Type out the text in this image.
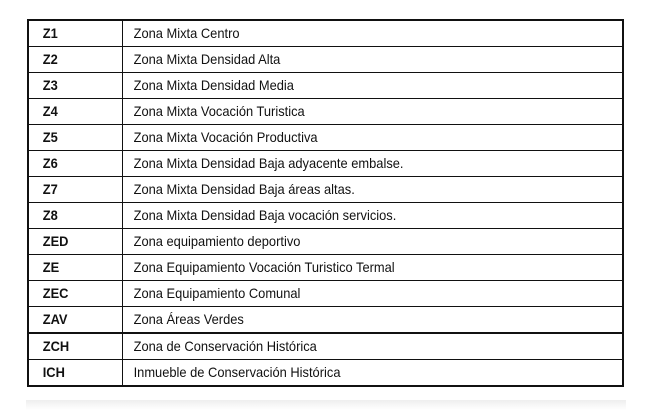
Z1	Zona Mixta Centro
Z2	Zona Mixta Densidad Alta
Z3	Zona Mixta Densidad Media
Z4	Zona Mixta Vocación Turistica
Z5	Zona Mixta Vocación Productiva
Z6	Zona Mixta Densidad Baja adyacente embalse.
Z7	Zona Mixta Densidad Baja áreas altas.
Z8	Zona Mixta Densidad Baja vocación servicios.
ZED	Zona equipamiento deportivo
ZE	Zona Equipamiento Vocación Turistico Termal
ZEC	Zona Equipamiento Comunal
ZAV	Zona Áreas Verdes
ZCH	Zona de Conservación Histórica
ICH	Inmueble de Conservación Histórica
